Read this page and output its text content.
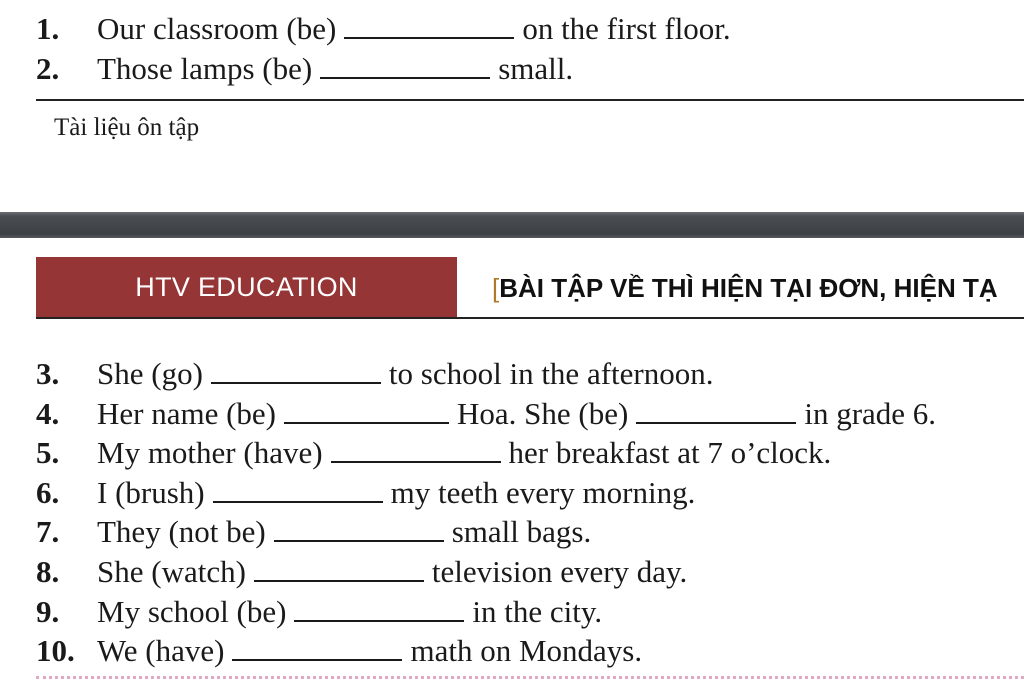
1. Our classroom (be)	on the first floor.
2. Those lamps (be)	small.
Tài liệu ôn tập
HTV EDUCATION	[BÀI TẬP VỀ THÌ HIỆN TẠI ĐƠN, HIỆN TẠ
3. She (go)	to school in the afternoon.
4. Her name (be)	Hoa. She (be)	in grade 6.
5. My mother (have)	her breakfast at 7 o’clock.
6. I (brush)	my teeth every morning.
7. They (not be)	small bags.
8. She (watch)	television every day.
9. My school (be)	in the city.
10. We (have)	math on Mondays.
